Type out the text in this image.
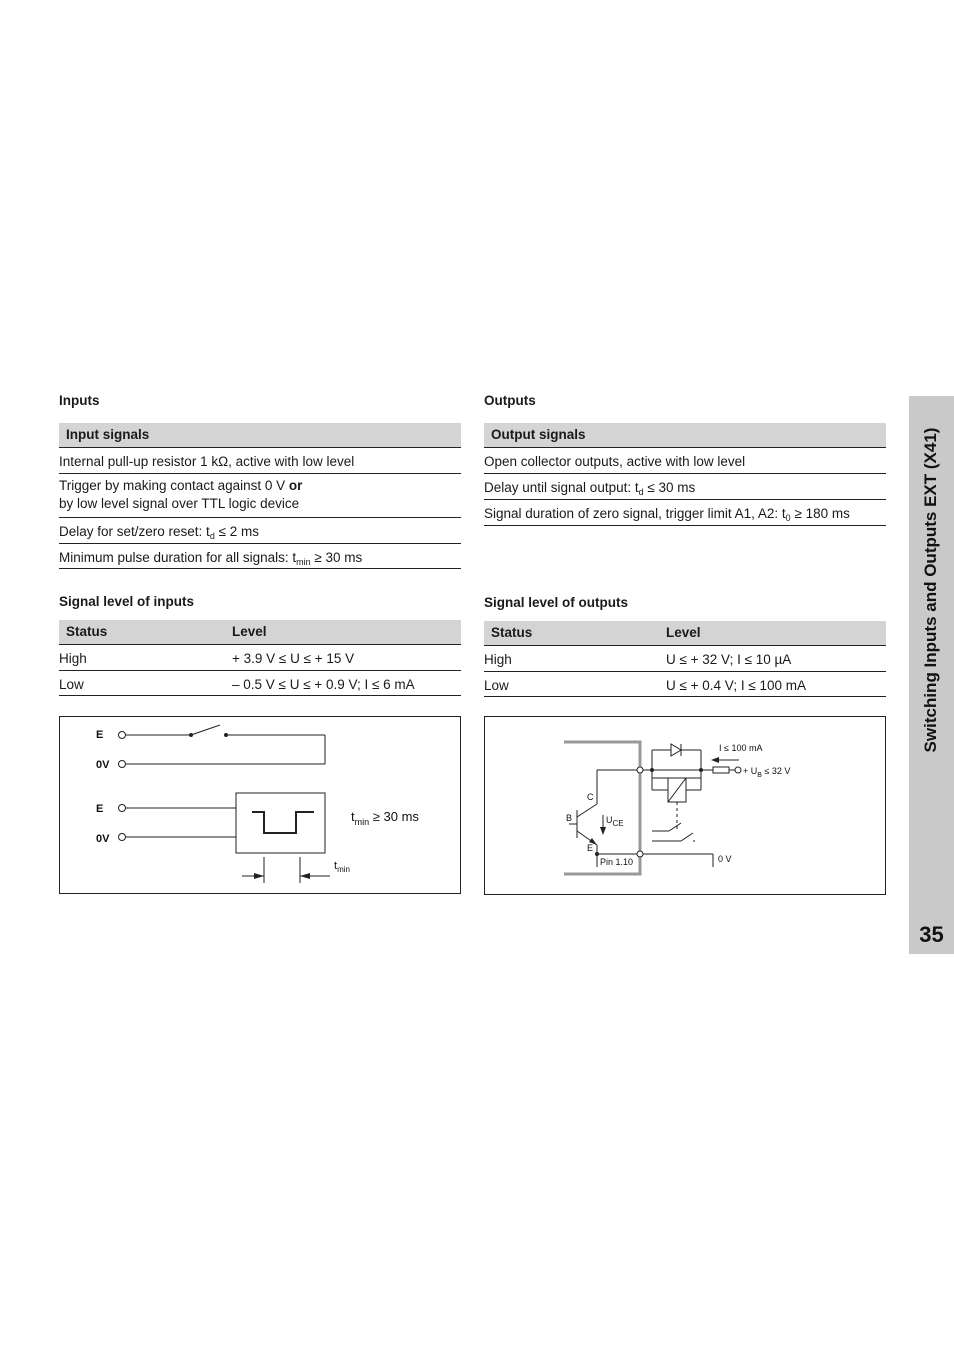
Inputs
Input signals
Internal pull-up resistor 1 kΩ, active with low level
Trigger by making contact against 0 V or
by low level signal over TTL logic device
Delay for set/zero reset: $t_d \le 2$ ms
Minimum pulse duration for all signals: $t_{min} \ge 30$ ms
Outputs
Output signals
Open collector outputs, active with low level
Delay until signal output: $t_d \le 30$ ms
Signal duration of zero signal, trigger limit A1, A2: $t_0 \ge 180$ ms
Signal level of inputs
Status	Level
High	+ 3.9 V ≤ U ≤ + 15 V
Low	– 0.5 V ≤ U ≤ + 0.9 V; I ≤ 6 mA
Signal level of outputs
Status	Level
High	U ≤ + 32 V; I ≤ 10 µA
Low	U ≤ + 0.4 V; I ≤ 100 mA
E
0V
E
0V
$t_{min} \ge 30$ ms
$t_{min}$
I ≤ 100 mA
+ $U_B \le 32$ V
C
B
E
UCE
Pin 1.10	0 V
Switching Inputs and Outputs EXT (X41)
35
